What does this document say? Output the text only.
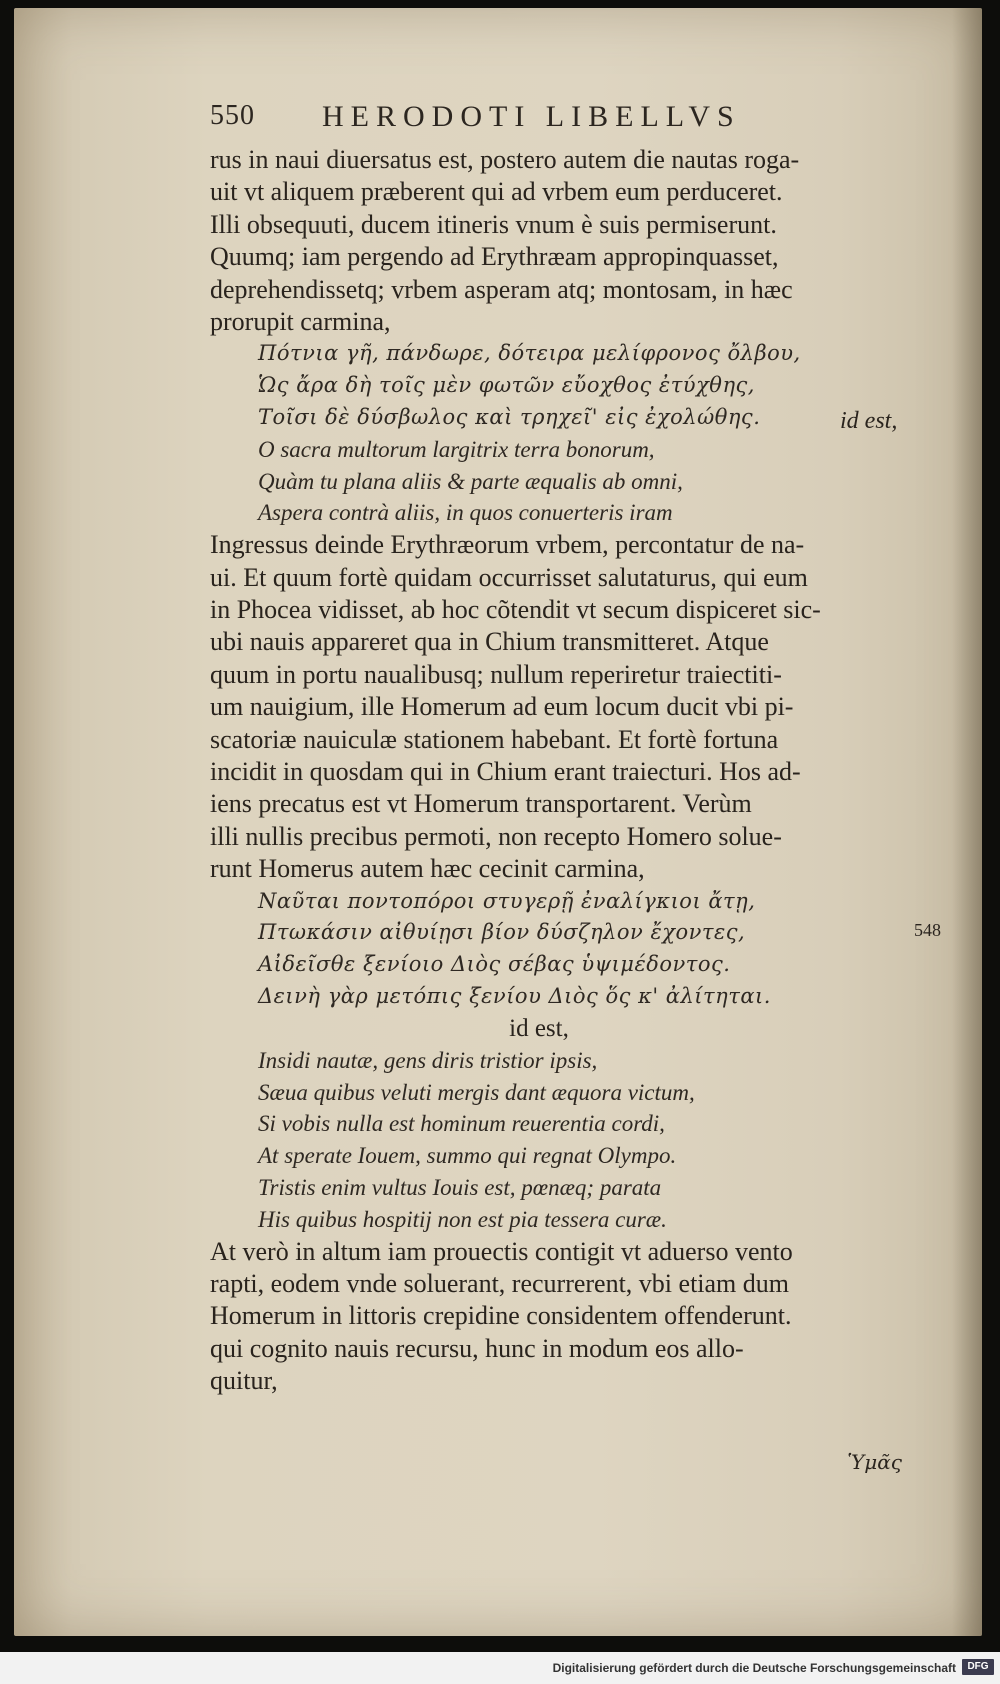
550 HERODOTI LIBELLVS

rus in naui diuersatus est, postero autem die nautas roga-
uit vt aliquem præberent qui ad vrbem eum perduceret.
Illi obsequuti, ducem itineris vnum è suis permiserunt.
Quumq; iam pergendo ad Erythræam appropinquasset,
deprehendissetq; vrbem asperam atq; montosam, in hæc
prorupit carmina,

Πότνια γῆ, πάνδωρε, δότειρα μελίφρονος ὄλβου,
Ὡς ἄρα δὴ τοῖς μὲν φωτῶν εὔοχθος ἐτύχθης,
Τοῖσι δὲ δύσβωλος καὶ τρηχεῖ' εἰς ἐχολώθης.
O sacra multorum largitrix terra bonorum,
Quàm tu plana aliis & parte æqualis ab omni,
Aspera contrà aliis, in quos conuerteris iram

Ingressus deinde Erythræorum vrbem, percontatur de na-
ui. Et quum fortè quidam occurrisset salutaturus, qui eum
in Phocea vidisset, ab hoc cõtendit vt secum dispiceret sic-
ubi nauis appareret qua in Chium transmitteret. Atque
quum in portu naualibusq; nullum reperiretur traiectiti-
um nauigium, ille Homerum ad eum locum ducit vbi pi-
scatoriæ nauiculæ stationem habebant. Et fortè fortuna
incidit in quosdam qui in Chium erant traiecturi. Hos ad-
iens precatus est vt Homerum transportarent. Verùm
illi nullis precibus permoti, non recepto Homero solue-
runt Homerus autem hæc cecinit carmina,

Ναῦται ποντοπόροι στυγερῇ ἐναλίγκιοι ἄτῃ,
Πτωκάσιν αἰθυίῃσι βίον δύσζηλον ἔχοντες,
Αἰδεῖσθε ξενίοιο Διὸς σέβας ὑψιμέδοντος.
Δεινὴ γὰρ μετόπις ξενίου Διὸς ὅς κ' ἀλίτηται.
id est,
Insidi nautæ, gens diris tristior ipsis,
Sæua quibus veluti mergis dant æquora victum,
Si vobis nulla est hominum reuerentia cordi,
At sperate Iouem, summo qui regnat Olympo.
Tristis enim vultus Iouis est, pœnæq; parata
His quibus hospitij non est pia tessera curæ.

At verò in altum iam prouectis contigit vt aduerso vento
rapti, eodem vnde soluerant, recurrerent, vbi etiam dum
Homerum in littoris crepidine considentem offenderunt.
qui cognito nauis recursu, hunc in modum eos allo-
quitur,

id est,
548
Ὑμᾶς
Digitalisierung gefördert durch die Deutsche Forschungsgemeinschaft	DFG
